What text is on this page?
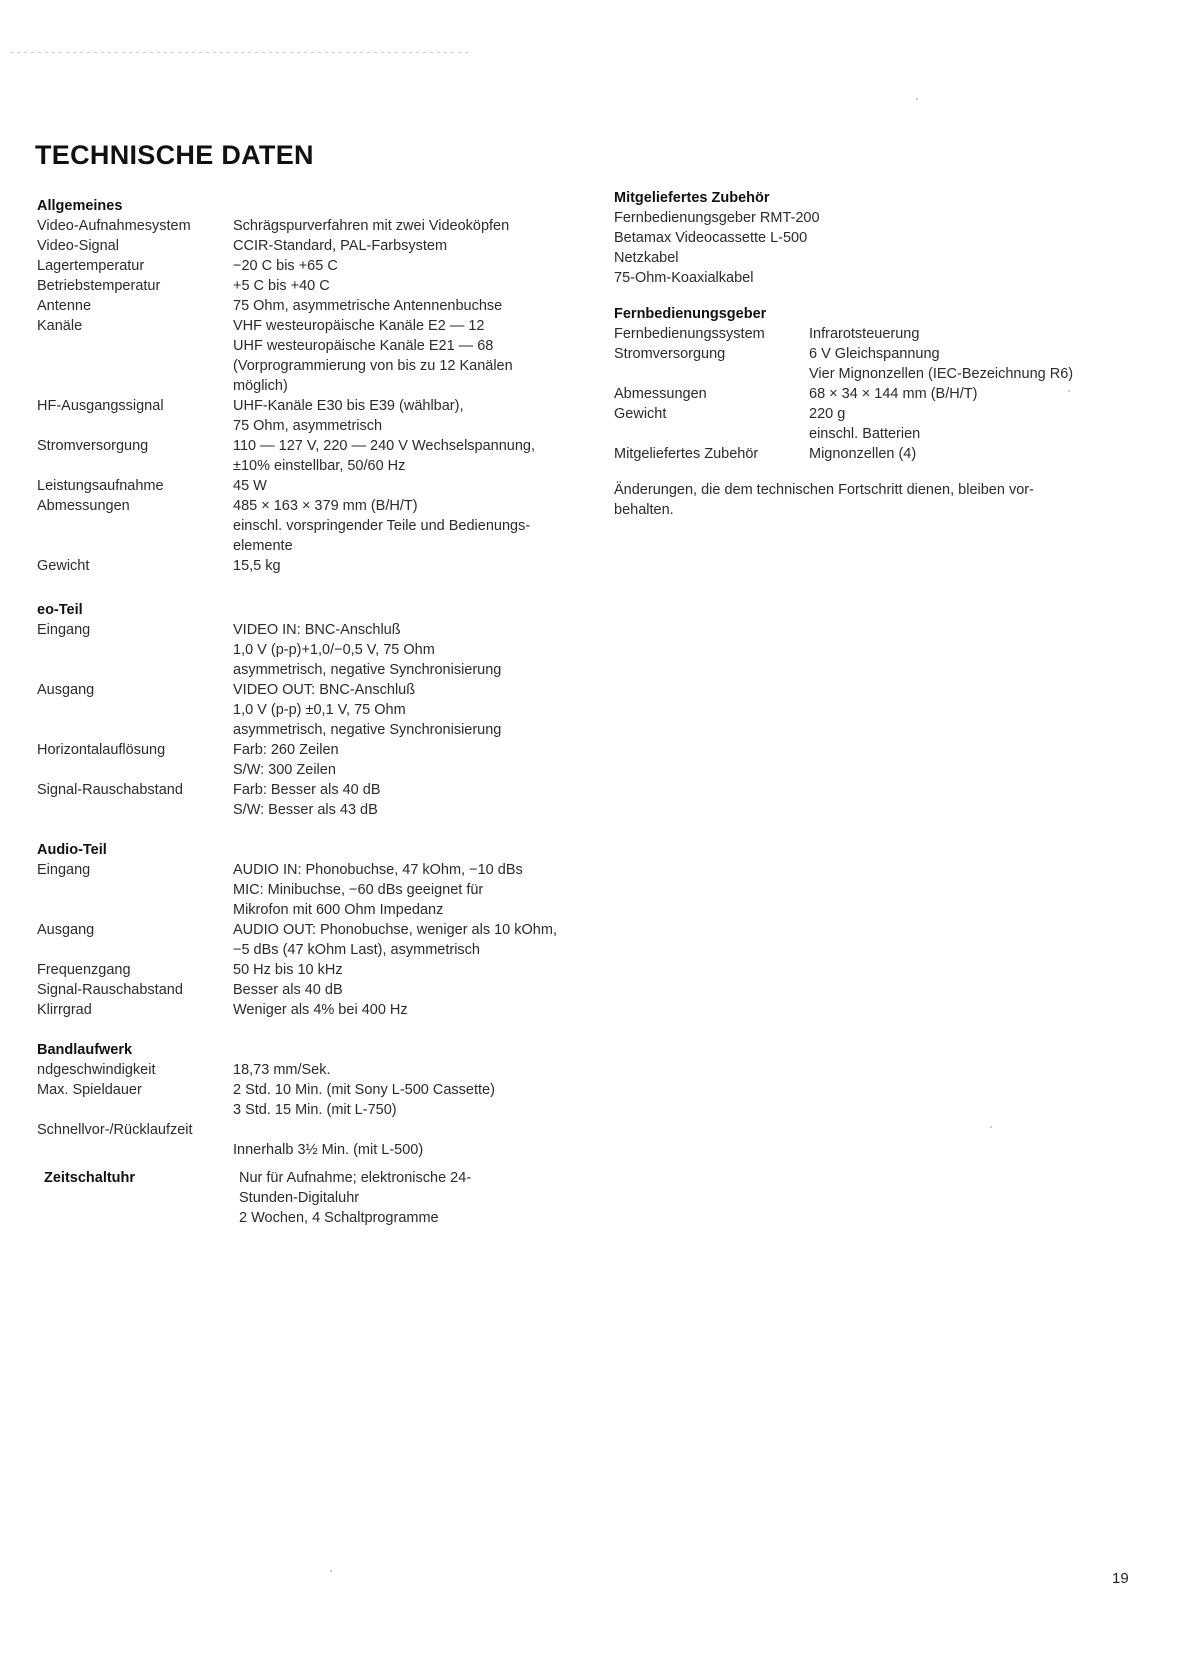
TECHNISCHE DATEN
Allgemeines
Video-Aufnahmesystem	Schrägspurverfahren mit zwei Videoköpfen
Video-Signal	CCIR-Standard, PAL-Farbsystem
Lagertemperatur	−20 C bis +65 C
Betriebstemperatur	+5 C bis +40 C
Antenne	75 Ohm, asymmetrische Antennenbuchse
Kanäle	VHF westeuropäische Kanäle E2 — 12
UHF westeuropäische Kanäle E21 — 68
(Vorprogrammierung von bis zu 12 Kanälen
möglich)
HF-Ausgangssignal	UHF-Kanäle E30 bis E39 (wählbar),
75 Ohm, asymmetrisch
Stromversorgung	110 — 127 V, 220 — 240 V Wechselspannung,
±10% einstellbar, 50/60 Hz
Leistungsaufnahme	45 W
Abmessungen	485 × 163 × 379 mm (B/H/T)
einschl. vorspringender Teile und Bedienungs-
elemente
Gewicht	15,5 kg
eo-Teil
Eingang	VIDEO IN: BNC-Anschluß
1,0 V (p-p)+1,0/−0,5 V, 75 Ohm
asymmetrisch, negative Synchronisierung
Ausgang	VIDEO OUT: BNC-Anschluß
1,0 V (p-p) ±0,1 V, 75 Ohm
asymmetrisch, negative Synchronisierung
Horizontalauflösung	Farb: 260 Zeilen
S/W: 300 Zeilen
Signal-Rauschabstand	Farb: Besser als 40 dB
S/W: Besser als 43 dB
Audio-Teil
Eingang	AUDIO IN: Phonobuchse, 47 kOhm, −10 dBs
MIC: Minibuchse, −60 dBs geeignet für
Mikrofon mit 600 Ohm Impedanz
Ausgang	AUDIO OUT: Phonobuchse, weniger als 10 kOhm,
−5 dBs (47 kOhm Last), asymmetrisch
Frequenzgang	50 Hz bis 10 kHz
Signal-Rauschabstand	Besser als 40 dB
Klirrgrad	Weniger als 4% bei 400 Hz
Bandlaufwerk
ndgeschwindigkeit	18,73 mm/Sek.
Max. Spieldauer	2 Std. 10 Min. (mit Sony L-500 Cassette)
3 Std. 15 Min. (mit L-750)
Schnellvor-/Rücklaufzeit

Innerhalb 3½ Min. (mit L-500)
Zeitschaltuhr	Nur für Aufnahme; elektronische 24-
Stunden-Digitaluhr
2 Wochen, 4 Schaltprogramme
Mitgeliefertes Zubehör
Fernbedienungsgeber RMT-200
Betamax Videocassette L-500
Netzkabel
75-Ohm-Koaxialkabel
Fernbedienungsgeber
Fernbedienungssystem	Infrarotsteuerung
Stromversorgung	6 V Gleichspannung
Vier Mignonzellen (IEC-Bezeichnung R6)
Abmessungen	68 × 34 × 144 mm (B/H/T)
Gewicht	220 g
einschl. Batterien
Mitgeliefertes Zubehör	Mignonzellen (4)
Änderungen, die dem technischen Fortschritt dienen, bleiben vor-
behalten.
19
